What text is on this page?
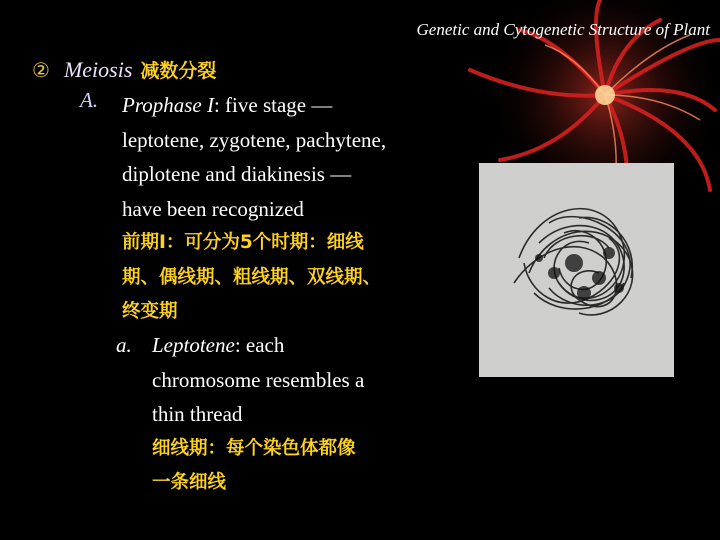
Genetic and Cytogenetic Structure of Plant
② Meiosis 减数分裂
A. Prophase I: five stage —
leptotene, zygotene, pachytene,
diplotene and diakinesis —
have been recognized
前期I：可分为5个时期：细线
期、偶线期、粗线期、双线期、
终变期
a. Leptotene: each
chromosome resembles a
thin thread
细线期：每个染色体都像
一条细线
